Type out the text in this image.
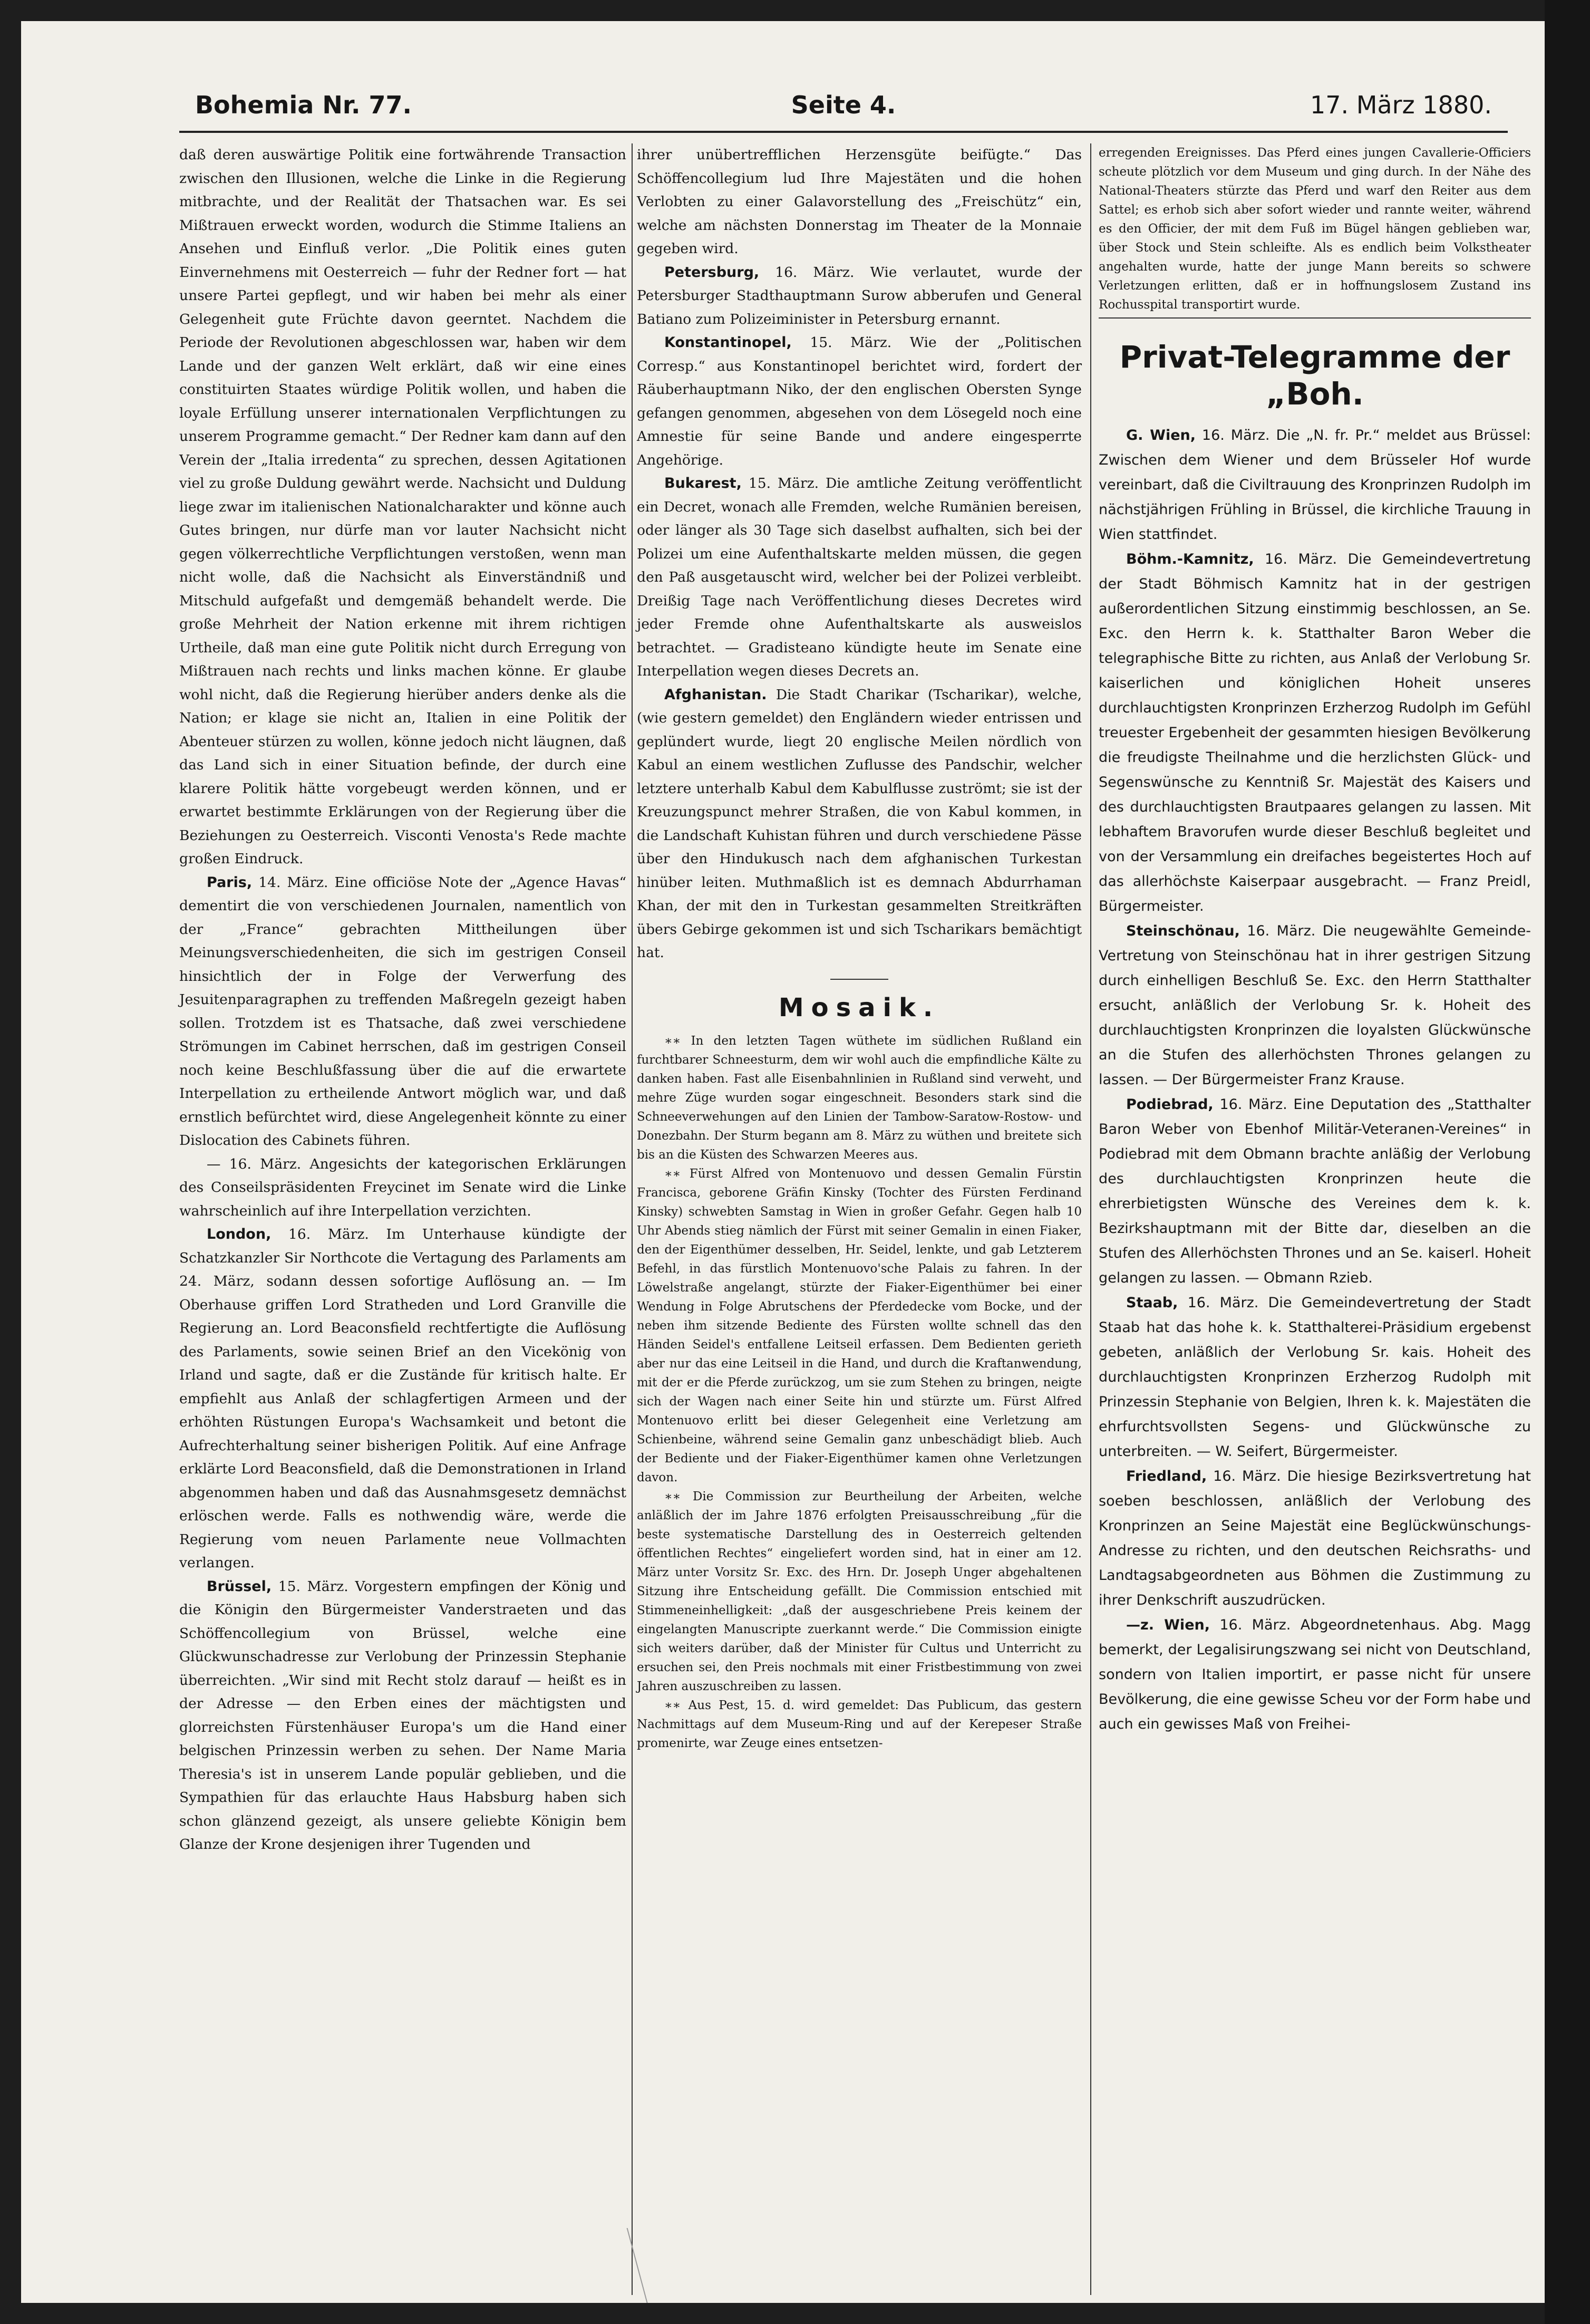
Bohemia Nr. 77.	Seite 4.	17. März 1880.

daß deren auswärtige Politik eine fortwährende Transaction zwischen den Illusionen, welche die Linke in die Regierung mitbrachte, und der Realität der Thatsachen war. Es sei Mißtrauen erweckt worden, wodurch die Stimme Italiens an Ansehen und Einfluß verlor. „Die Politik eines guten Einvernehmens mit Oesterreich — fuhr der Redner fort — hat unsere Partei gepflegt, und wir haben bei mehr als einer Gelegenheit gute Früchte davon geerntet. Nachdem die Periode der Revolutionen abgeschlossen war, haben wir dem Lande und der ganzen Welt erklärt, daß wir eine eines constituirten Staates würdige Politik wollen, und haben die loyale Erfüllung unserer internationalen Verpflichtungen zu unserem Programme gemacht.“ Der Redner kam dann auf den Verein der „Italia irredenta“ zu sprechen, dessen Agitationen viel zu große Duldung gewährt werde. Nachsicht und Duldung liege zwar im italienischen Nationalcharakter und könne auch Gutes bringen, nur dürfe man vor lauter Nachsicht nicht gegen völkerrechtliche Verpflichtungen verstoßen, wenn man nicht wolle, daß die Nachsicht als Einverständniß und Mitschuld aufgefaßt und demgemäß behandelt werde. Die große Mehrheit der Nation erkenne mit ihrem richtigen Urtheile, daß man eine gute Politik nicht durch Erregung von Mißtrauen nach rechts und links machen könne. Er glaube wohl nicht, daß die Regierung hierüber anders denke als die Nation; er klage sie nicht an, Italien in eine Politik der Abenteuer stürzen zu wollen, könne jedoch nicht läugnen, daß das Land sich in einer Situation befinde, der durch eine klarere Politik hätte vorgebeugt werden können, und er erwartet bestimmte Erklärungen von der Regierung über die Beziehungen zu Oesterreich. Visconti Venosta's Rede machte großen Eindruck.

Paris, 14. März. Eine officiöse Note der „Agence Havas“ dementirt die von verschiedenen Journalen, namentlich von der „France“ gebrachten Mittheilungen über Meinungsverschiedenheiten, die sich im gestrigen Conseil hinsichtlich der in Folge der Verwerfung des Jesuitenparagraphen zu treffenden Maßregeln gezeigt haben sollen. Trotzdem ist es Thatsache, daß zwei verschiedene Strömungen im Cabinet herrschen, daß im gestrigen Conseil noch keine Beschlußfassung über die auf die erwartete Interpellation zu ertheilende Antwort möglich war, und daß ernstlich befürchtet wird, diese Angelegenheit könnte zu einer Dislocation des Cabinets führen.

— 16. März. Angesichts der kategorischen Erklärungen des Conseilspräsidenten Freycinet im Senate wird die Linke wahrscheinlich auf ihre Interpellation verzichten.

London, 16. März. Im Unterhause kündigte der Schatzkanzler Sir Northcote die Vertagung des Parlaments am 24. März, sodann dessen sofortige Auflösung an. — Im Oberhause griffen Lord Stratheden und Lord Granville die Regierung an. Lord Beaconsfield rechtfertigte die Auflösung des Parlaments, sowie seinen Brief an den Vicekönig von Irland und sagte, daß er die Zustände für kritisch halte. Er empfiehlt aus Anlaß der schlagfertigen Armeen und der erhöhten Rüstungen Europa's Wachsamkeit und betont die Aufrechterhaltung seiner bisherigen Politik. Auf eine Anfrage erklärte Lord Beaconsfield, daß die Demonstrationen in Irland abgenommen haben und daß das Ausnahmsgesetz demnächst erlöschen werde. Falls es nothwendig wäre, werde die Regierung vom neuen Parlamente neue Vollmachten verlangen.

Brüssel, 15. März. Vorgestern empfingen der König und die Königin den Bürgermeister Vanderstraeten und das Schöffencollegium von Brüssel, welche eine Glückwunschadresse zur Verlobung der Prinzessin Stephanie überreichten. „Wir sind mit Recht stolz darauf — heißt es in der Adresse — den Erben eines der mächtigsten und glorreichsten Fürstenhäuser Europa's um die Hand einer belgischen Prinzessin werben zu sehen. Der Name Maria Theresia's ist in unserem Lande populär geblieben, und die Sympathien für das erlauchte Haus Habsburg haben sich schon glänzend gezeigt, als unsere geliebte Königin bem Glanze der Krone desjenigen ihrer Tugenden und

ihrer unübertrefflichen Herzensgüte beifügte.“ Das Schöffencollegium lud Ihre Majestäten und die hohen Verlobten zu einer Galavorstellung des „Freischütz“ ein, welche am nächsten Donnerstag im Theater de la Monnaie gegeben wird.

Petersburg, 16. März. Wie verlautet, wurde der Petersburger Stadthauptmann Surow abberufen und General Batiano zum Polizeiminister in Petersburg ernannt.

Konstantinopel, 15. März. Wie der „Politischen Corresp.“ aus Konstantinopel berichtet wird, fordert der Räuberhauptmann Niko, der den englischen Obersten Synge gefangen genommen, abgesehen von dem Lösegeld noch eine Amnestie für seine Bande und andere eingesperrte Angehörige.

Bukarest, 15. März. Die amtliche Zeitung veröffentlicht ein Decret, wonach alle Fremden, welche Rumänien bereisen, oder länger als 30 Tage sich daselbst aufhalten, sich bei der Polizei um eine Aufenthaltskarte melden müssen, die gegen den Paß ausgetauscht wird, welcher bei der Polizei verbleibt. Dreißig Tage nach Veröffentlichung dieses Decretes wird jeder Fremde ohne Aufenthaltskarte als ausweislos betrachtet. — Gradisteano kündigte heute im Senate eine Interpellation wegen dieses Decrets an.

Afghanistan. Die Stadt Charikar (Tscharikar), welche, (wie gestern gemeldet) den Engländern wieder entrissen und geplündert wurde, liegt 20 englische Meilen nördlich von Kabul an einem westlichen Zuflusse des Pandschir, welcher letztere unterhalb Kabul dem Kabulflusse zuströmt; sie ist der Kreuzungspunct mehrer Straßen, die von Kabul kommen, in die Landschaft Kuhistan führen und durch verschiedene Pässe über den Hindukusch nach dem afghanischen Turkestan hinüber leiten. Muthmaßlich ist es demnach Abdurrhaman Khan, der mit den in Turkestan gesammelten Streitkräften übers Gebirge gekommen ist und sich Tscharikars bemächtigt hat.

Mosaik.

∗∗ In den letzten Tagen wüthete im südlichen Rußland ein furchtbarer Schneesturm, dem wir wohl auch die empfindliche Kälte zu danken haben. Fast alle Eisenbahnlinien in Rußland sind verweht, und mehre Züge wurden sogar eingeschneit. Besonders stark sind die Schneeverwehungen auf den Linien der Tambow-Saratow-Rostow- und Donezbahn. Der Sturm begann am 8. März zu wüthen und breitete sich bis an die Küsten des Schwarzen Meeres aus.

∗∗ Fürst Alfred von Montenuovo und dessen Gemalin Fürstin Francisca, geborene Gräfin Kinsky (Tochter des Fürsten Ferdinand Kinsky) schwebten Samstag in Wien in großer Gefahr. Gegen halb 10 Uhr Abends stieg nämlich der Fürst mit seiner Gemalin in einen Fiaker, den der Eigenthümer desselben, Hr. Seidel, lenkte, und gab Letzterem Befehl, in das fürstlich Montenuovo'sche Palais zu fahren. In der Löwelstraße angelangt, stürzte der Fiaker-Eigenthümer bei einer Wendung in Folge Abrutschens der Pferdedecke vom Bocke, und der neben ihm sitzende Bediente des Fürsten wollte schnell das den Händen Seidel's entfallene Leitseil erfassen. Dem Bedienten gerieth aber nur das eine Leitseil in die Hand, und durch die Kraftanwendung, mit der er die Pferde zurückzog, um sie zum Stehen zu bringen, neigte sich der Wagen nach einer Seite hin und stürzte um. Fürst Alfred Montenuovo erlitt bei dieser Gelegenheit eine Verletzung am Schienbeine, während seine Gemalin ganz unbeschädigt blieb. Auch der Bediente und der Fiaker-Eigenthümer kamen ohne Verletzungen davon.

∗∗ Die Commission zur Beurtheilung der Arbeiten, welche anläßlich der im Jahre 1876 erfolgten Preisausschreibung „für die beste systematische Darstellung des in Oesterreich geltenden öffentlichen Rechtes“ eingeliefert worden sind, hat in einer am 12. März unter Vorsitz Sr. Exc. des Hrn. Dr. Joseph Unger abgehaltenen Sitzung ihre Entscheidung gefällt. Die Commission entschied mit Stimmeneinhelligkeit: „daß der ausgeschriebene Preis keinem der eingelangten Manuscripte zuerkannt werde.“ Die Commission einigte sich weiters darüber, daß der Minister für Cultus und Unterricht zu ersuchen sei, den Preis nochmals mit einer Fristbestimmung von zwei Jahren auszuschreiben zu lassen.

∗∗ Aus Pest, 15. d. wird gemeldet: Das Publicum, das gestern Nachmittags auf dem Museum-Ring und auf der Kerepeser Straße promenirte, war Zeuge eines entsetzen-

erregenden Ereignisses. Das Pferd eines jungen Cavallerie-Officiers scheute plötzlich vor dem Museum und ging durch. In der Nähe des National-Theaters stürzte das Pferd und warf den Reiter aus dem Sattel; es erhob sich aber sofort wieder und rannte weiter, während es den Officier, der mit dem Fuß im Bügel hängen geblieben war, über Stock und Stein schleifte. Als es endlich beim Volkstheater angehalten wurde, hatte der junge Mann bereits so schwere Verletzungen erlitten, daß er in hoffnungslosem Zustand ins Rochusspital transportirt wurde.

Privat-Telegramme der „Boh.

G. Wien, 16. März. Die „N. fr. Pr.“ meldet aus Brüssel: Zwischen dem Wiener und dem Brüsseler Hof wurde vereinbart, daß die Civiltrauung des Kronprinzen Rudolph im nächstjährigen Frühling in Brüssel, die kirchliche Trauung in Wien stattfindet.

Böhm.-Kamnitz, 16. März. Die Gemeindevertretung der Stadt Böhmisch Kamnitz hat in der gestrigen außerordentlichen Sitzung einstimmig beschlossen, an Se. Exc. den Herrn k. k. Statthalter Baron Weber die telegraphische Bitte zu richten, aus Anlaß der Verlobung Sr. kaiserlichen und königlichen Hoheit unseres durchlauchtigsten Kronprinzen Erzherzog Rudolph im Gefühl treuester Ergebenheit der gesammten hiesigen Bevölkerung die freudigste Theilnahme und die herzlichsten Glück- und Segenswünsche zu Kenntniß Sr. Majestät des Kaisers und des durchlauchtigsten Brautpaares gelangen zu lassen. Mit lebhaftem Bravorufen wurde dieser Beschluß begleitet und von der Versammlung ein dreifaches begeistertes Hoch auf das allerhöchste Kaiserpaar ausgebracht. — Franz Preidl, Bürgermeister.

Steinschönau, 16. März. Die neugewählte Gemeinde-Vertretung von Steinschönau hat in ihrer gestrigen Sitzung durch einhelligen Beschluß Se. Exc. den Herrn Statthalter ersucht, anläßlich der Verlobung Sr. k. Hoheit des durchlauchtigsten Kronprinzen die loyalsten Glückwünsche an die Stufen des allerhöchsten Thrones gelangen zu lassen. — Der Bürgermeister Franz Krause.

Podiebrad, 16. März. Eine Deputation des „Statthalter Baron Weber von Ebenhof Militär-Veteranen-Vereines“ in Podiebrad mit dem Obmann brachte anläßig der Verlobung des durchlauchtigsten Kronprinzen heute die ehrerbietigsten Wünsche des Vereines dem k. k. Bezirkshauptmann mit der Bitte dar, dieselben an die Stufen des Allerhöchsten Thrones und an Se. kaiserl. Hoheit gelangen zu lassen. — Obmann Rzieb.

Staab, 16. März. Die Gemeindevertretung der Stadt Staab hat das hohe k. k. Statthalterei-Präsidium ergebenst gebeten, anläßlich der Verlobung Sr. kais. Hoheit des durchlauchtigsten Kronprinzen Erzherzog Rudolph mit Prinzessin Stephanie von Belgien, Ihren k. k. Majestäten die ehrfurchtsvollsten Segens- und Glückwünsche zu unterbreiten. — W. Seifert, Bürgermeister.

Friedland, 16. März. Die hiesige Bezirksvertretung hat soeben beschlossen, anläßlich der Verlobung des Kronprinzen an Seine Majestät eine Beglückwünschungs-Andresse zu richten, und den deutschen Reichsraths- und Landtagsabgeordneten aus Böhmen die Zustimmung zu ihrer Denkschrift auszudrücken.

—z. Wien, 16. März. Abgeordnetenhaus. Abg. Magg bemerkt, der Legalisirungszwang sei nicht von Deutschland, sondern von Italien importirt, er passe nicht für unsere Bevölkerung, die eine gewisse Scheu vor der Form habe und auch ein gewisses Maß von Freihei-
